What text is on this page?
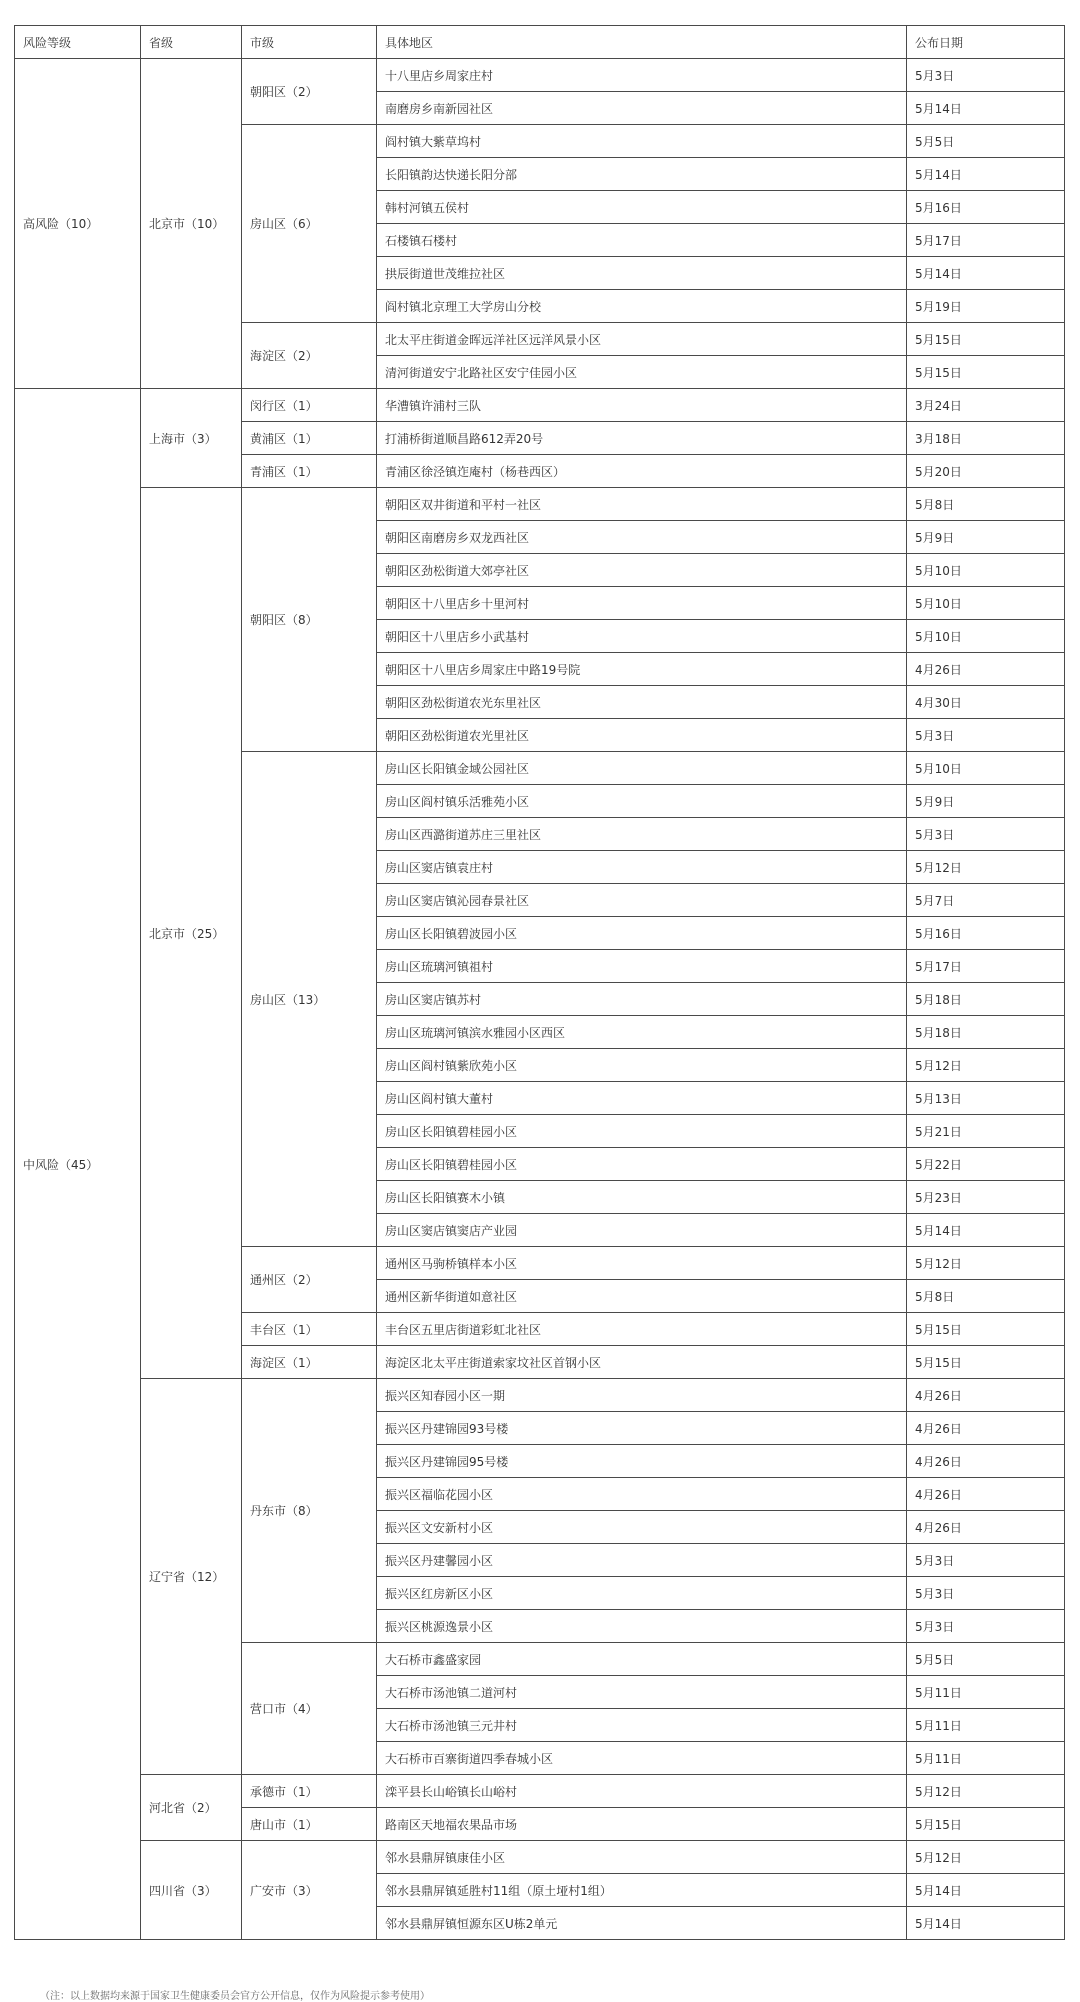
风险等级	省级	市级	具体地区	公布日期
高风险（10）	北京市（10）	朝阳区（2）	十八里店乡周家庄村	5月3日
			南磨房乡南新园社区	5月14日
		房山区（6）	阎村镇大紫草坞村	5月5日
			长阳镇韵达快递长阳分部	5月14日
			韩村河镇五侯村	5月16日
			石楼镇石楼村	5月17日
			拱辰街道世茂维拉社区	5月14日
			阎村镇北京理工大学房山分校	5月19日
		海淀区（2）	北太平庄街道金晖远洋社区远洋风景小区	5月15日
			清河街道安宁北路社区安宁佳园小区	5月15日
中风险（45）	上海市（3）	闵行区（1）	华漕镇许浦村三队	3月24日
		黄浦区（1）	打浦桥街道顺昌路612弄20号	3月18日
		青浦区（1）	青浦区徐泾镇迮庵村（杨巷西区）	5月20日
	北京市（25）	朝阳区（8）	朝阳区双井街道和平村一社区	5月8日
			朝阳区南磨房乡双龙西社区	5月9日
			朝阳区劲松街道大郊亭社区	5月10日
			朝阳区十八里店乡十里河村	5月10日
			朝阳区十八里店乡小武基村	5月10日
			朝阳区十八里店乡周家庄中路19号院	4月26日
			朝阳区劲松街道农光东里社区	4月30日
			朝阳区劲松街道农光里社区	5月3日
		房山区（13）	房山区长阳镇金域公园社区	5月10日
			房山区阎村镇乐活雅苑小区	5月9日
			房山区西潞街道苏庄三里社区	5月3日
			房山区窦店镇袁庄村	5月12日
			房山区窦店镇沁园春景社区	5月7日
			房山区长阳镇碧波园小区	5月16日
			房山区琉璃河镇祖村	5月17日
			房山区窦店镇苏村	5月18日
			房山区琉璃河镇滨水雅园小区西区	5月18日
			房山区阎村镇紫欣苑小区	5月12日
			房山区阎村镇大董村	5月13日
			房山区长阳镇碧桂园小区	5月21日
			房山区长阳镇碧桂园小区	5月22日
			房山区长阳镇赛木小镇	5月23日
			房山区窦店镇窦店产业园	5月14日
		通州区（2）	通州区马驹桥镇样本小区	5月12日
			通州区新华街道如意社区	5月8日
		丰台区（1）	丰台区五里店街道彩虹北社区	5月15日
		海淀区（1）	海淀区北太平庄街道索家坟社区首钢小区	5月15日
	辽宁省（12）	丹东市（8）	振兴区知春园小区一期	4月26日
			振兴区丹建锦园93号楼	4月26日
			振兴区丹建锦园95号楼	4月26日
			振兴区福临花园小区	4月26日
			振兴区文安新村小区	4月26日
			振兴区丹建馨园小区	5月3日
			振兴区红房新区小区	5月3日
			振兴区桃源逸景小区	5月3日
		营口市（4）	大石桥市鑫盛家园	5月5日
			大石桥市汤池镇二道河村	5月11日
			大石桥市汤池镇三元井村	5月11日
			大石桥市百寨街道四季春城小区	5月11日
	河北省（2）	承德市（1）	滦平县长山峪镇长山峪村	5月12日
		唐山市（1）	路南区天地福农果品市场	5月15日
	四川省（3）	广安市（3）	邻水县鼎屏镇康佳小区	5月12日
			邻水县鼎屏镇延胜村11组（原土垭村1组）	5月14日
			邻水县鼎屏镇恒源东区U栋2单元	5月14日
（注：以上数据均来源于国家卫生健康委员会官方公开信息，仅作为风险提示参考使用）
